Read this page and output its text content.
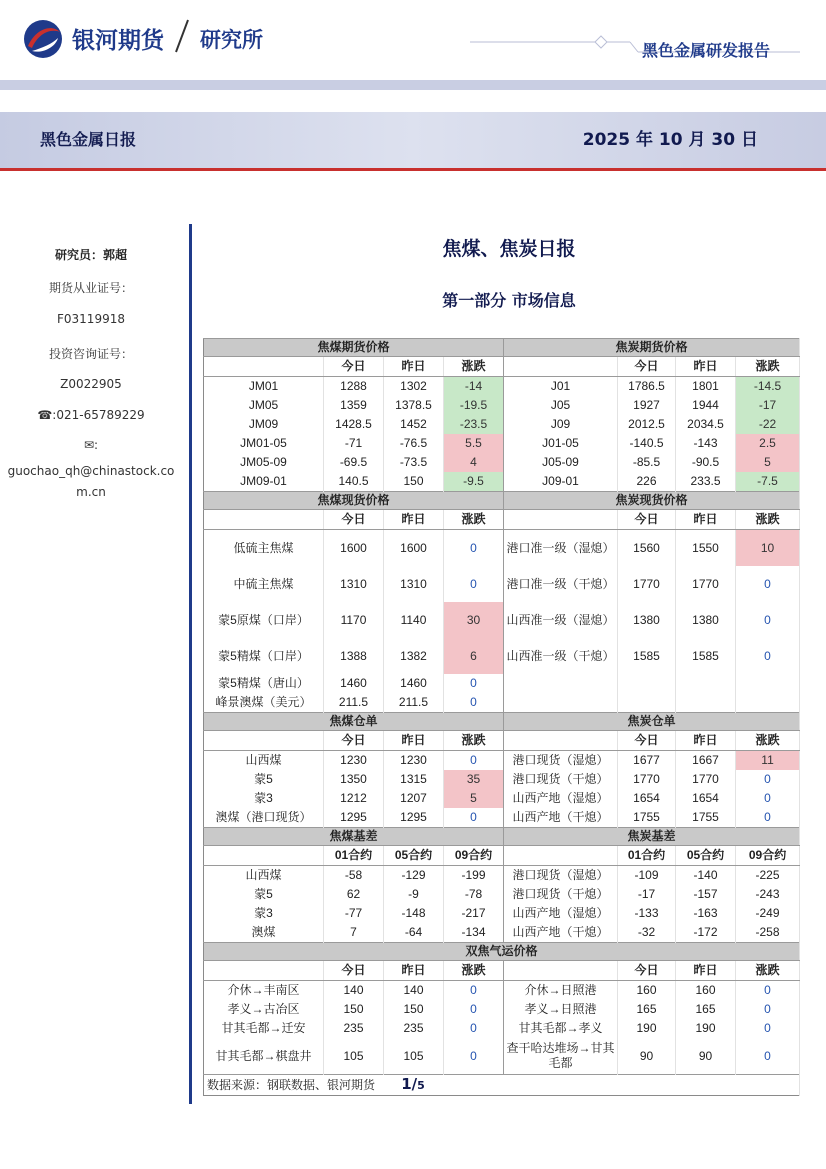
银河期货 研究所	黑色金属研发报告
黑色金属日报	2025 年 10 月 30 日
研究员：郭超
期货从业证号：
F03119918
投资咨询证号：
Z0022905
☎:021-65789229
✉:
guochao_qh@chinastock.com.cn
焦煤、焦炭日报
第一部分 市场信息
焦煤期货价格				焦炭期货价格			
	今日	昨日	涨跌		今日	昨日	涨跌
JM01	1288	1302	-14	J01	1786.5	1801	-14.5
JM05	1359	1378.5	-19.5	J05	1927	1944	-17
JM09	1428.5	1452	-23.5	J09	2012.5	2034.5	-22
JM01-05	-71	-76.5	5.5	J01-05	-140.5	-143	2.5
JM05-09	-69.5	-73.5	4	J05-09	-85.5	-90.5	5
JM09-01	140.5	150	-9.5	J09-01	226	233.5	-7.5
焦煤现货价格				焦炭现货价格			
	今日	昨日	涨跌		今日	昨日	涨跌
低硫主焦煤	1600	1600	0	港口准一级（湿熄）	1560	1550	10
中硫主焦煤	1310	1310	0	港口准一级（干熄）	1770	1770	0
蒙5原煤（口岸）	1170	1140	30	山西准一级（湿熄）	1380	1380	0
蒙5精煤（口岸）	1388	1382	6	山西准一级（干熄）	1585	1585	0
蒙5精煤（唐山）	1460	1460	0				
峰景澳煤（美元）	211.5	211.5	0				
焦煤仓单				焦炭仓单			
	今日	昨日	涨跌		今日	昨日	涨跌
山西煤	1230	1230	0	港口现货（湿熄）	1677	1667	11
蒙5	1350	1315	35	港口现货（干熄）	1770	1770	0
蒙3	1212	1207	5	山西产地（湿熄）	1654	1654	0
澳煤（港口现货）	1295	1295	0	山西产地（干熄）	1755	1755	0
焦煤基差				焦炭基差			
	01合约	05合约	09合约		01合约	05合约	09合约
山西煤	-58	-129	-199	港口现货（湿熄）	-109	-140	-225
蒙5	62	-9	-78	港口现货（干熄）	-17	-157	-243
蒙3	-77	-148	-217	山西产地（湿熄）	-133	-163	-249
澳煤	7	-64	-134	山西产地（干熄）	-32	-172	-258
双焦气运价格							
	今日	昨日	涨跌		今日	昨日	涨跌
介休→丰南区	140	140	0	介休→日照港	160	160	0
孝义→古冶区	150	150	0	孝义→日照港	165	165	0
甘其毛都→迁安	235	235	0	甘其毛都→孝义	190	190	0
甘其毛都→棋盘井	105	105	0	查干哈达堆场→甘其毛都	90	90	0
数据来源：钢联数据、银河期货								1/5
